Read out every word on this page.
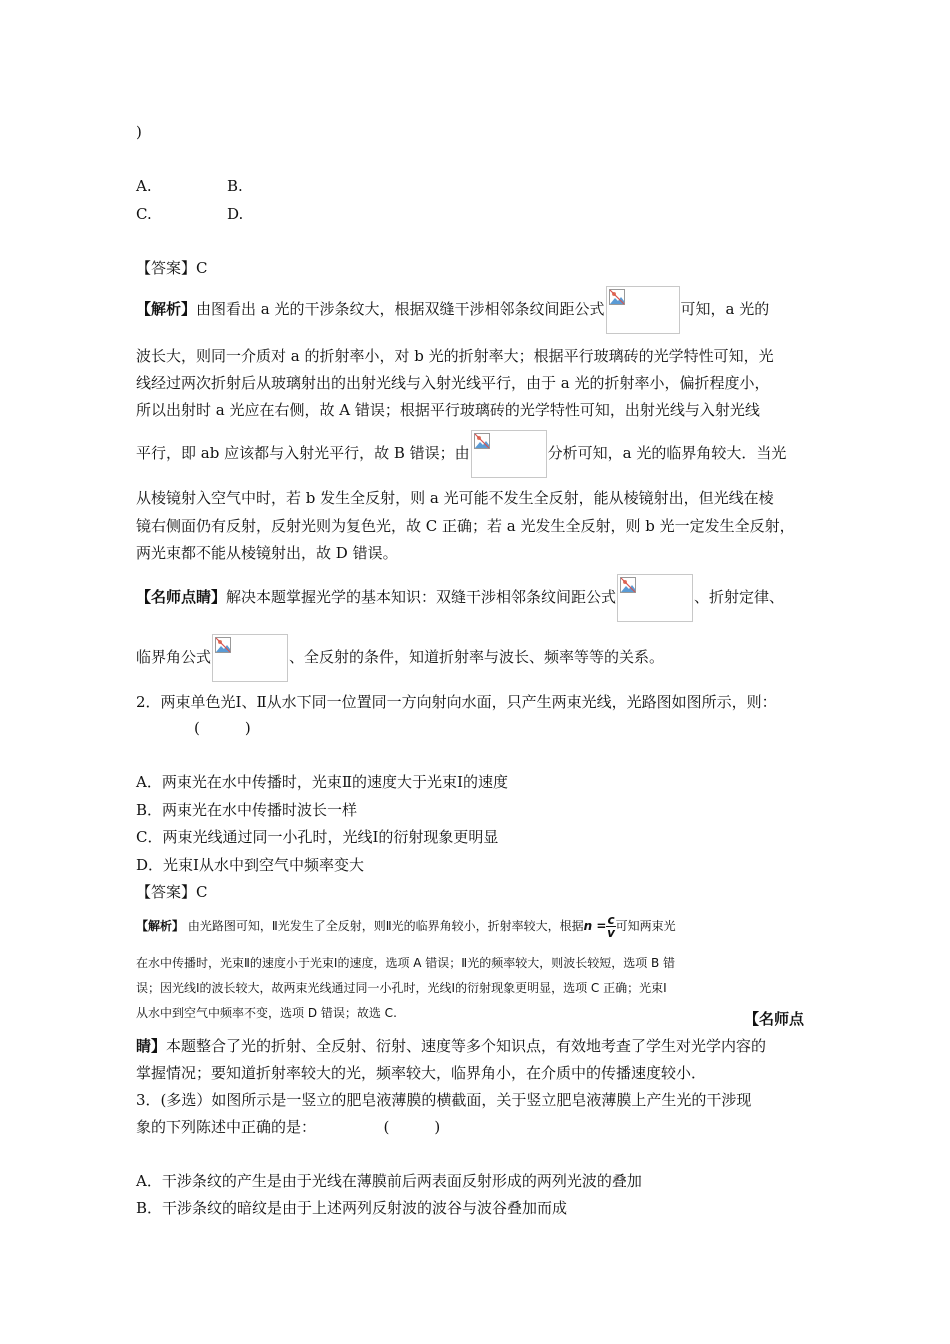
)
A.	B.
C.	D.
【答案】C
【解析】由图看出 a 光的干涉条纹大，根据双缝干涉相邻条纹间距公式	可知，a 光的
波长大，则同一介质对 a 的折射率小，对 b 光的折射率大；根据平行玻璃砖的光学特性可知，光
线经过两次折射后从玻璃射出的出射光线与入射光线平行，由于 a 光的折射率小，偏折程度小，
所以出射时 a 光应在右侧，故 A 错误；根据平行玻璃砖的光学特性可知，出射光线与入射光线
平行，即 ab 应该都与入射光平行，故 B 错误；由	分析可知，a 光的临界角较大．当光
从棱镜射入空气中时，若 b 发生全反射，则 a 光可能不发生全反射，能从棱镜射出，但光线在棱
镜右侧面仍有反射，反射光则为复色光，故 C 正确；若 a 光发生全反射，则 b 光一定发生全反射，
两光束都不能从棱镜射出，故 D 错误。
【名师点睛】解决本题掌握光学的基本知识：双缝干涉相邻条纹间距公式	、折射定律、
临界角公式	、全反射的条件，知道折射率与波长、频率等等的关系。
2．两束单色光Ⅰ、Ⅱ从水下同一位置同一方向射向水面，只产生两束光线，光路图如图所示，则：
(　　　)
A．两束光在水中传播时，光束Ⅱ的速度大于光束Ⅰ的速度
B．两束光在水中传播时波长一样
C．两束光线通过同一小孔时，光线Ⅰ的衍射现象更明显
D．光束Ⅰ从水中到空气中频率变大
【答案】C
【解析】 由光路图可知，Ⅱ光发生了全反射，则Ⅱ光的临界角较小，折射率较大，根据$n = \frac{c}{v}$ 可知两束光
在水中传播时，光束Ⅱ的速度小于光束Ⅰ的速度，选项 A 错误；Ⅱ光的频率较大，则波长较短，选项 B 错
误；因光线Ⅰ的波长较大，故两束光线通过同一小孔时，光线Ⅰ的衍射现象更明显，选项 C 正确；光束Ⅰ
从水中到空气中频率不变，选项 D 错误；故选 C.	【名师点
睛】本题整合了光的折射、全反射、衍射、速度等多个知识点，有效地考查了学生对光学内容的
掌握情况；要知道折射率较大的光，频率较大，临界角小，在介质中的传播速度较小．
3．(多选）如图所示是一竖立的肥皂液薄膜的横截面，关于竖立肥皂液薄膜上产生光的干涉现
象的下列陈述中正确的是：　　　　　(　　　)
A．干涉条纹的产生是由于光线在薄膜前后两表面反射形成的两列光波的叠加
B．干涉条纹的暗纹是由于上述两列反射波的波谷与波谷叠加而成
